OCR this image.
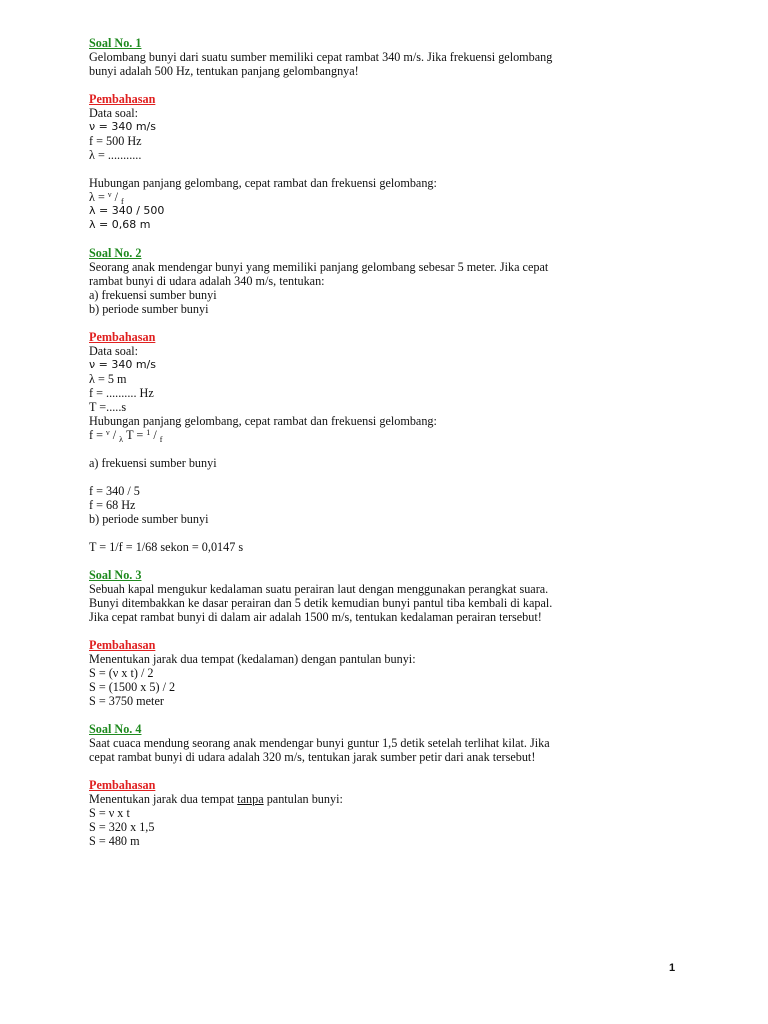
Soal No. 1
Gelombang bunyi dari suatu sumber memiliki cepat rambat 340 m/s. Jika frekuensi gelombang
bunyi adalah 500 Hz, tentukan panjang gelombangnya!
Pembahasan
Data soal:
ν = 340 m/s
f = 500 Hz
λ = ...........
Hubungan panjang gelombang, cepat rambat dan frekuensi gelombang:
λ = $^\nu$ / $_f$
λ = 340 / 500
λ = 0,68 m
Soal No. 2
Seorang anak mendengar bunyi yang memiliki panjang gelombang sebesar 5 meter. Jika cepat
rambat bunyi di udara adalah 340 m/s, tentukan:
a) frekuensi sumber bunyi
b) periode sumber bunyi
Pembahasan
Data soal:
ν = 340 m/s
λ = 5 m
f = .......... Hz
T =.....s
Hubungan panjang gelombang, cepat rambat dan frekuensi gelombang:
f = $^\nu$ / $_\lambda$ T = $^1$ / $_f$
a) frekuensi sumber bunyi
f = 340 / 5
f = 68 Hz
b) periode sumber bunyi
T = 1/f = 1/68 sekon = 0,0147 s
Soal No. 3
Sebuah kapal mengukur kedalaman suatu perairan laut dengan menggunakan perangkat suara.
Bunyi ditembakkan ke dasar perairan dan 5 detik kemudian bunyi pantul tiba kembali di kapal.
Jika cepat rambat bunyi di dalam air adalah 1500 m/s, tentukan kedalaman perairan tersebut!
Pembahasan
Menentukan jarak dua tempat (kedalaman) dengan pantulan bunyi:
S = (ν x t) / 2
S = (1500 x 5) / 2
S = 3750 meter
Soal No. 4
Saat cuaca mendung seorang anak mendengar bunyi guntur 1,5 detik setelah terlihat kilat. Jika
cepat rambat bunyi di udara adalah 320 m/s, tentukan jarak sumber petir dari anak tersebut!
Pembahasan
Menentukan jarak dua tempat tanpa pantulan bunyi:
S = ν x t
S = 320 x 1,5
S = 480 m
1
